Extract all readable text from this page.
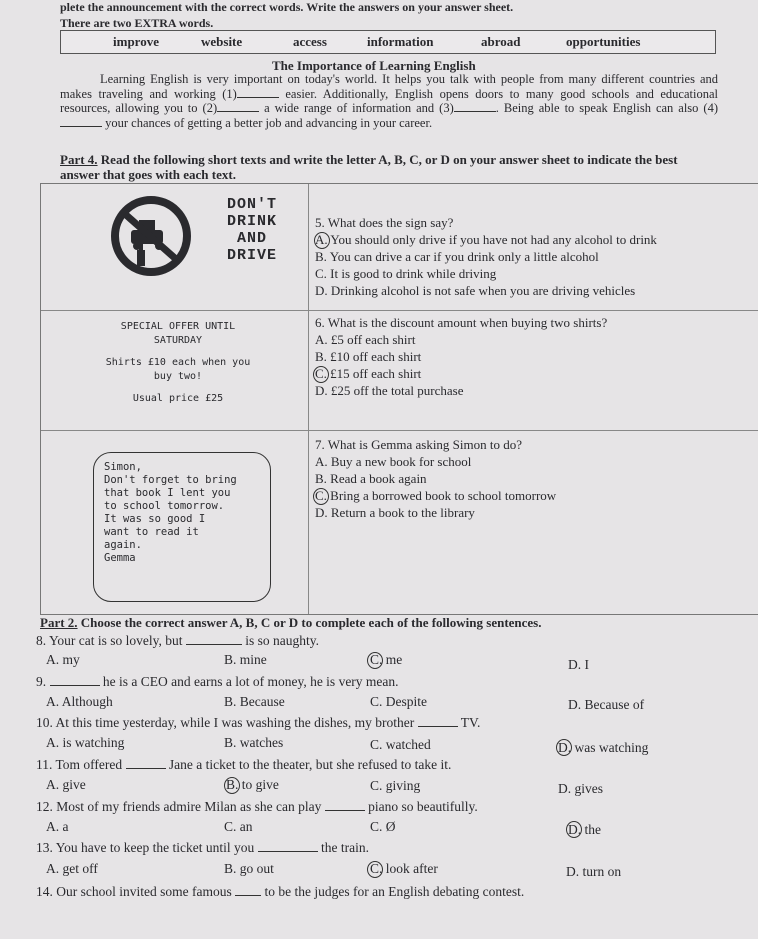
plete the announcement with the correct words. Write the answers on your answer sheet.
There are two EXTRA words.
improve	website	access	information	abroad	opportunities
The Importance of Learning English
Learning English is very important on today's world. It helps you talk with people from many different countries and makes traveling and working (1)	easier. Additionally, English opens doors to many good schools and educational resources, allowing you to (2)	a wide range of information and (3)	. Being able to speak English can also (4) your chances of getting a better job and advancing in your career.
Part 4. Read the following short texts and write the letter A, B, C, or D on your answer sheet to indicate the best answer that goes with each text.
DON'T
DRINK
AND
DRIVE
5. What does the sign say?
A. You should only drive if you have not had any alcohol to drink
B. You can drive a car if you drink only a little alcohol
C. It is good to drink while driving
D. Drinking alcohol is not safe when you are driving vehicles
SPECIAL OFFER UNTIL
SATURDAY
Shirts £10 each when you
buy two!
Usual price £25
6. What is the discount amount when buying two shirts?
A. £5 off each shirt
B. £10 off each shirt
C. £15 off each shirt
D. £25 off the total purchase
Simon,
Don't forget to bring
that book I lent you
to school tomorrow.
It was so good I
want to read it
again.
Gemma
7. What is Gemma asking Simon to do?
A. Buy a new book for school
B. Read a book again
C. Bring a borrowed book to school tomorrow
D. Return a book to the library
Part 2. Choose the correct answer A, B, C or D to complete each of the following sentences.
8. Your cat is so lovely, but	is so naughty.
A. my	B. mine	C. me	D. I
9.	he is a CEO and earns a lot of money, he is very mean.
A. Although	B. Because	C. Despite	D. Because of
10. At this time yesterday, while I was washing the dishes, my brother	TV.
A. is watching	B. watches	C. watched	D. was watching
11. Tom offered	Jane a ticket to the theater, but she refused to take it.
A. give	B. to give	C. giving	D. gives
12. Most of my friends admire Milan as she can play	piano so beautifully.
A. a	C. an	C. Ø	D. the
13. You have to keep the ticket until you	the train.
A. get off	B. go out	C. look after	D. turn on
14. Our school invited some famous to be the judges for an English debating contest.
